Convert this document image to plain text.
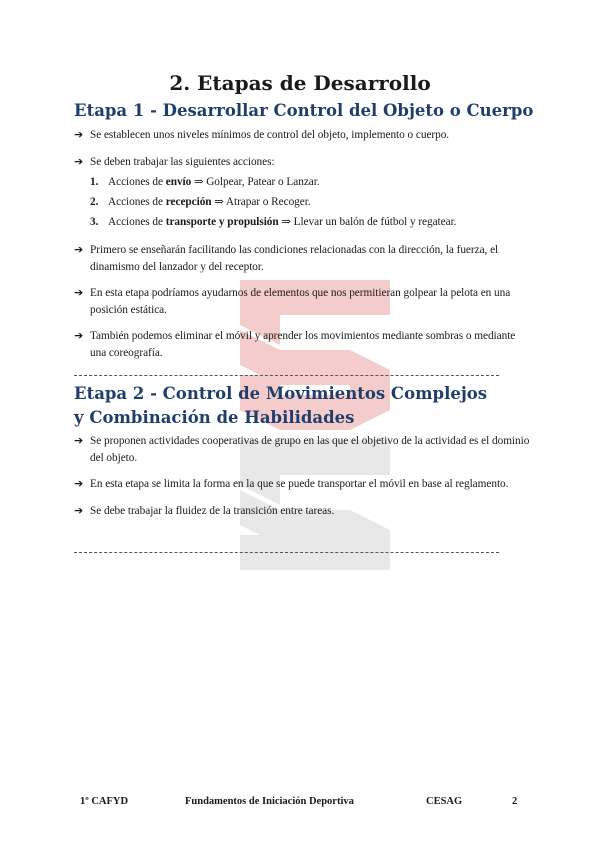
2. Etapas de Desarrollo
Etapa 1 - Desarrollar Control del Objeto o Cuerpo
➔ Se establecen unos niveles mínimos de control del objeto, implemento o cuerpo.
➔ Se deben trabajar las siguientes acciones:
1. Acciones de envío ⇒ Golpear, Patear o Lanzar.
2. Acciones de recepción ⇒ Atrapar o Recoger.
3. Acciones de transporte y propulsión ⇒ Llevar un balón de fútbol y regatear.
➔ Primero se enseñarán facilitando las condiciones relacionadas con la dirección, la fuerza, el dinamismo del lanzador y del receptor.
➔ En esta etapa podríamos ayudarnos de elementos que nos permitieran golpear la pelota en una posición estática.
➔ También podemos eliminar el móvil y aprender los movimientos mediante sombras o mediante una coreografía.
Etapa 2 - Control de Movimientos Complejos y Combinación de Habilidades
➔ Se proponen actividades cooperativas de grupo en las que el objetivo de la actividad es el dominio del objeto.
➔ En esta etapa se limita la forma en la que se puede transportar el móvil en base al reglamento.
➔ Se debe trabajar la fluidez de la transición entre tareas.
1º CAFYD	Fundamentos de Iniciación Deportiva	CESAG	2
